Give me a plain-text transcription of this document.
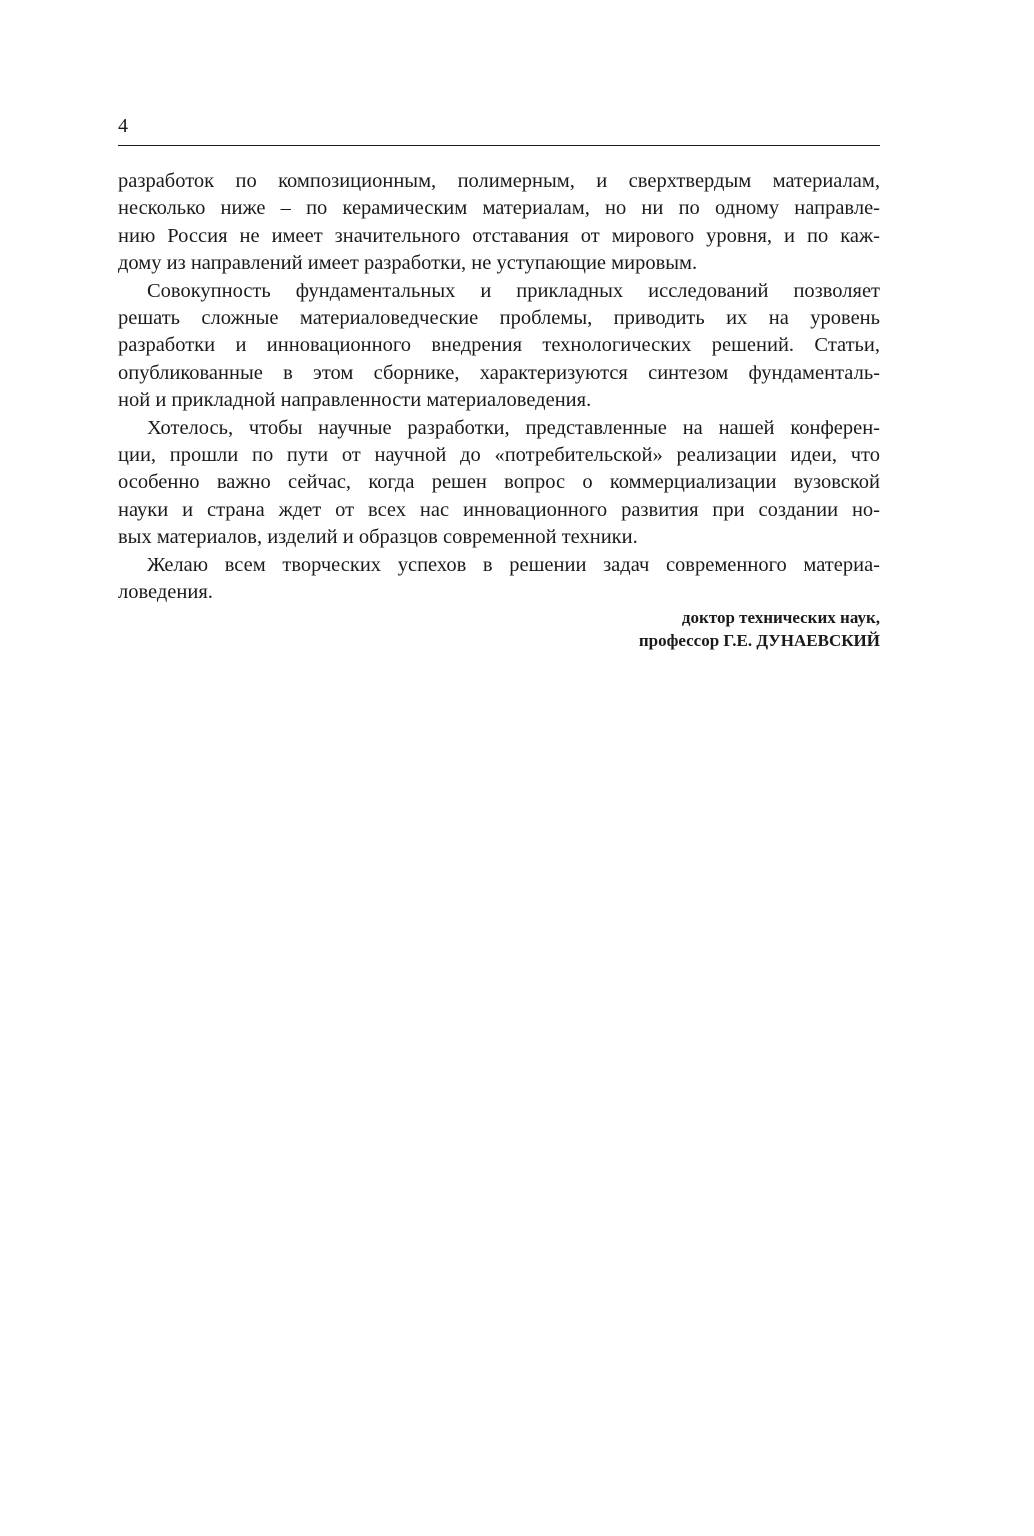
4
разработок по композиционным, полимерным, и сверхтвердым материалам,
несколько ниже – по керамическим материалам, но ни по одному направле-
нию Россия не имеет значительного отставания от мирового уровня, и по каж-
дому из направлений имеет разработки, не уступающие мировым.
Совокупность фундаментальных и прикладных исследований позволяет
решать сложные материаловедческие проблемы, приводить их на уровень
разработки и инновационного внедрения технологических решений. Статьи,
опубликованные в этом сборнике, характеризуются синтезом фундаменталь-
ной и прикладной направленности материаловедения.
Хотелось, чтобы научные разработки, представленные на нашей конферен-
ции, прошли по пути от научной до «потребительской» реализации идеи, что
особенно важно сейчас, когда решен вопрос о коммерциализации вузовской
науки и страна ждет от всех нас инновационного развития при создании но-
вых материалов, изделий и образцов современной техники.
Желаю всем творческих успехов в решении задач современного материа-
ловедения.
доктор технических наук,
профессор Г.Е. ДУНАЕВСКИЙ
